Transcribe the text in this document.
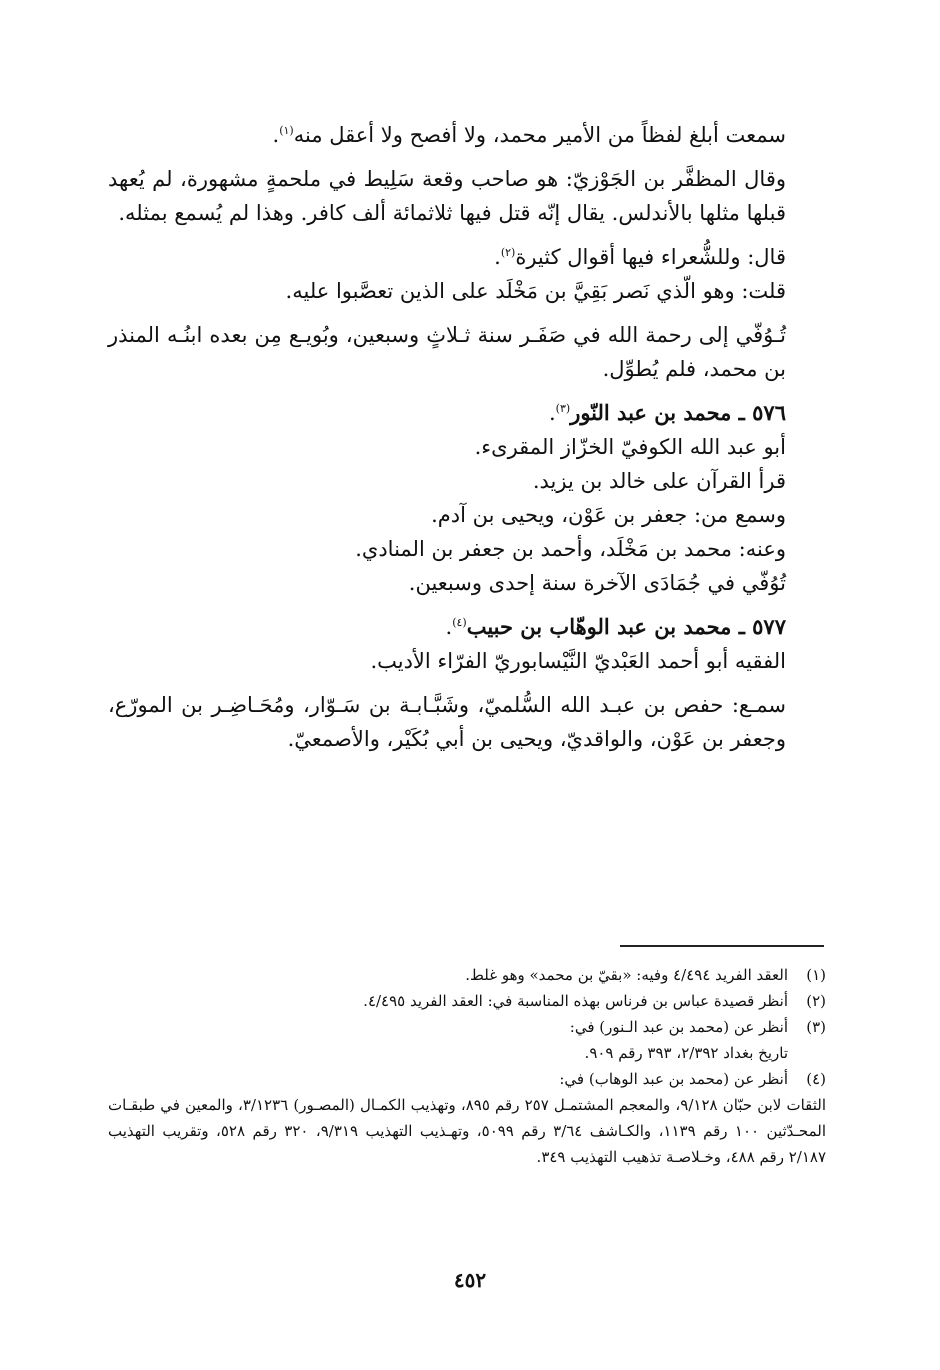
سمعت أبلغ لفظاً من الأمير محمد، ولا أفصح ولا أعقل منه$^{(١)}$.

وقال المظفَّر بن الجَوْزيّ: هو صاحب وقعة سَلِيط في ملحمةٍ مشهورة، لم يُعهد قبلها مثلها بالأندلس. يقال إنّه قتل فيها ثلاثمائة ألف كافر. وهذا لم يُسمع بمثله.

قال: وللشُّعراء فيها أقوال كثيرة$^{(٢)}$.

قلت: وهو الّذي نَصر بَقِيَّ بن مَخْلَد على الذين تعصَّبوا عليه.

تُـوُفّي إلى رحمة الله في صَفَـر سنة ثـلاثٍ وسبعين، وبُويـع مِن بعده ابنُـه المنذر بن محمد، فلم يُطوِّل.

٥٧٦ ـ محمد بن عبد النّور$^{(٣)}$.

أبو عبد الله الكوفيّ الخزّاز المقرىء.

قرأ القرآن على خالد بن يزيد.

وسمع من: جعفر بن عَوْن، ويحيى بن آدم.

وعنه: محمد بن مَخْلَد، وأحمد بن جعفر بن المنادي.

تُوُفّي في جُمَادَى الآخرة سنة إحدى وسبعين.

٥٧٧ ـ محمد بن عبد الوهّاب بن حبيب$^{(٤)}$.

الفقيه أبو أحمد العَبْديّ النَّيْسابوريّ الفرّاء الأديب.

سمـع: حفص بن عبـد الله السُّلميّ، وشَبَّـابـة بن سَـوّار، ومُحَـاضِـر بن المورّع، وجعفر بن عَوْن، والواقديّ، ويحيى بن أبي بُكَيْر، والأصمعيّ.

(١)
العقد الفريد ٤/٤٩٤ وفيه: «بقيّ بن محمد» وهو غلط.
(٢)
أنظر قصيدة عباس بن فرناس بهذه المناسبة في: العقد الفريد ٤/٤٩٥.
(٣)
أنظر عن (محمد بن عبد الـنور) في:
تاريخ بغداد ٢/٣٩٢، ٣٩٣ رقم ٩٠٩.
(٤)
أنظر عن (محمد بن عبد الوهاب) في:
الثقات لابن حبّان ٩/١٢٨، والمعجم المشتمـل ٢٥٧ رقم ٨٩٥، وتهذيب الكمـال (المصـور) ٣/١٢٣٦، والمعين في طبقـات المحـدّثين ١٠٠ رقم ١١٣٩، والكـاشف ٣/٦٤ رقم ٥٠٩٩، وتهـذيب التهذيب ٩/٣١٩، ٣٢٠ رقم ٥٢٨، وتقريب التهذيب ٢/١٨٧ رقم ٤٨٨، وخـلاصـة تذهيب التهذيب ٣٤٩.
٤٥٢
